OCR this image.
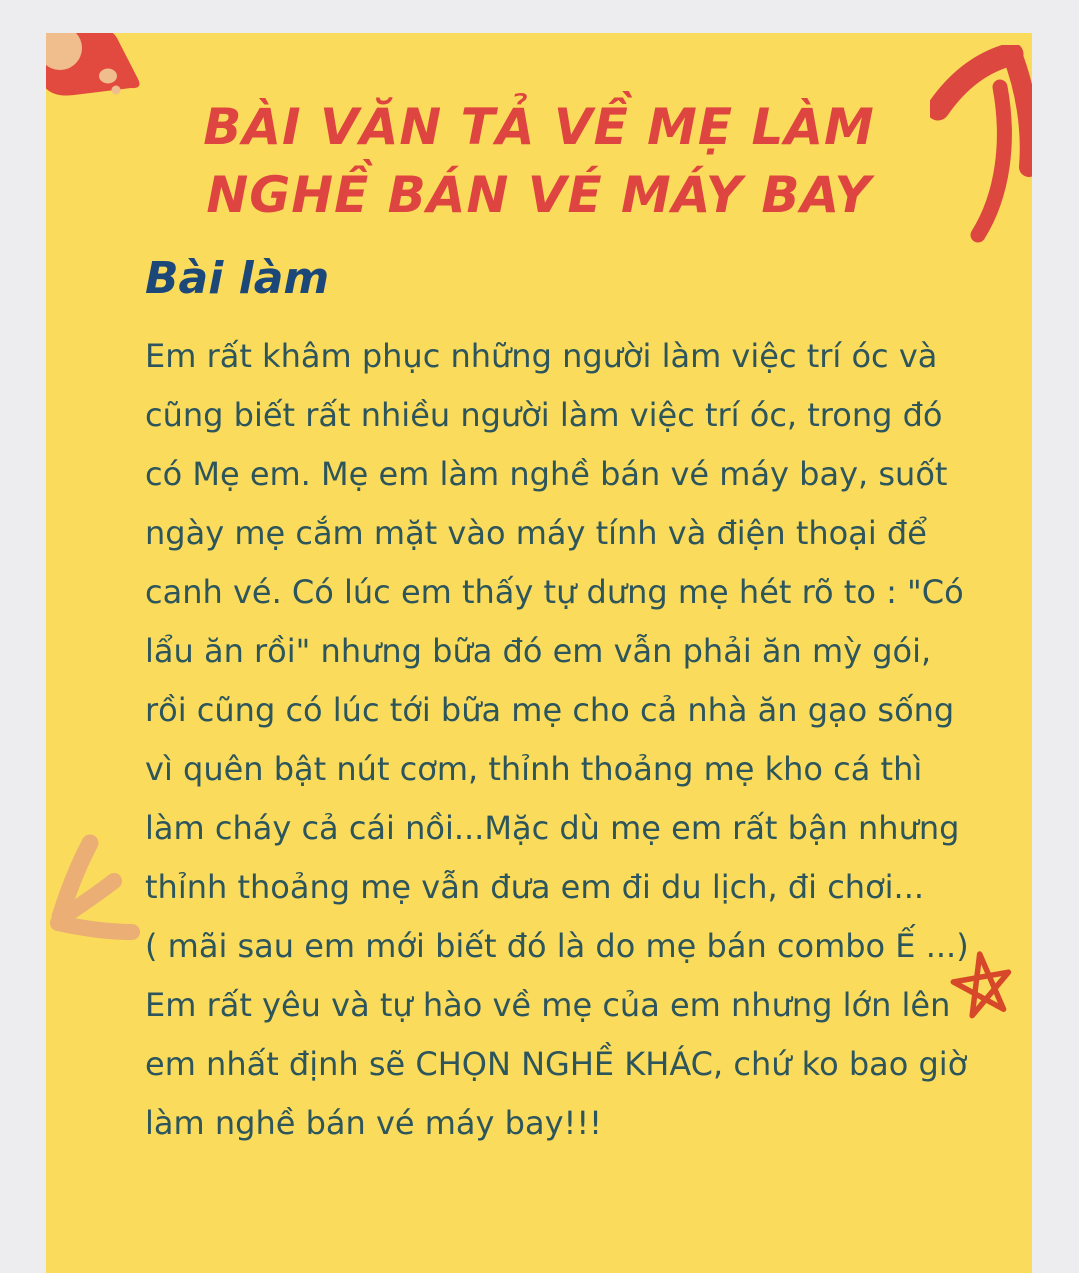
BÀI VĂN TẢ VỀ MẸ LÀM
NGHỀ BÁN VÉ MÁY BAY
Bài làm
Em rất khâm phục những người làm việc trí óc và
cũng biết rất nhiều người làm việc trí óc, trong đó
có Mẹ em. Mẹ em làm nghề bán vé máy bay, suốt
ngày mẹ cắm mặt vào máy tính và điện thoại để
canh vé. Có lúc em thấy tự dưng mẹ hét rõ to : "Có
lẩu ăn rồi" nhưng bữa đó em vẫn phải ăn mỳ gói,
rồi cũng có lúc tới bữa mẹ cho cả nhà ăn gạo sống
vì quên bật nút cơm, thỉnh thoảng mẹ kho cá thì
làm cháy cả cái nồi...Mặc dù mẹ em rất bận nhưng
thỉnh thoảng mẹ vẫn đưa em đi du lịch, đi chơi...
( mãi sau em mới biết đó là do mẹ bán combo Ế ...)
Em rất yêu và tự hào về mẹ của em nhưng lớn lên
em nhất định sẽ CHỌN NGHỀ KHÁC, chứ ko bao giờ
làm nghề bán vé máy bay!!!
